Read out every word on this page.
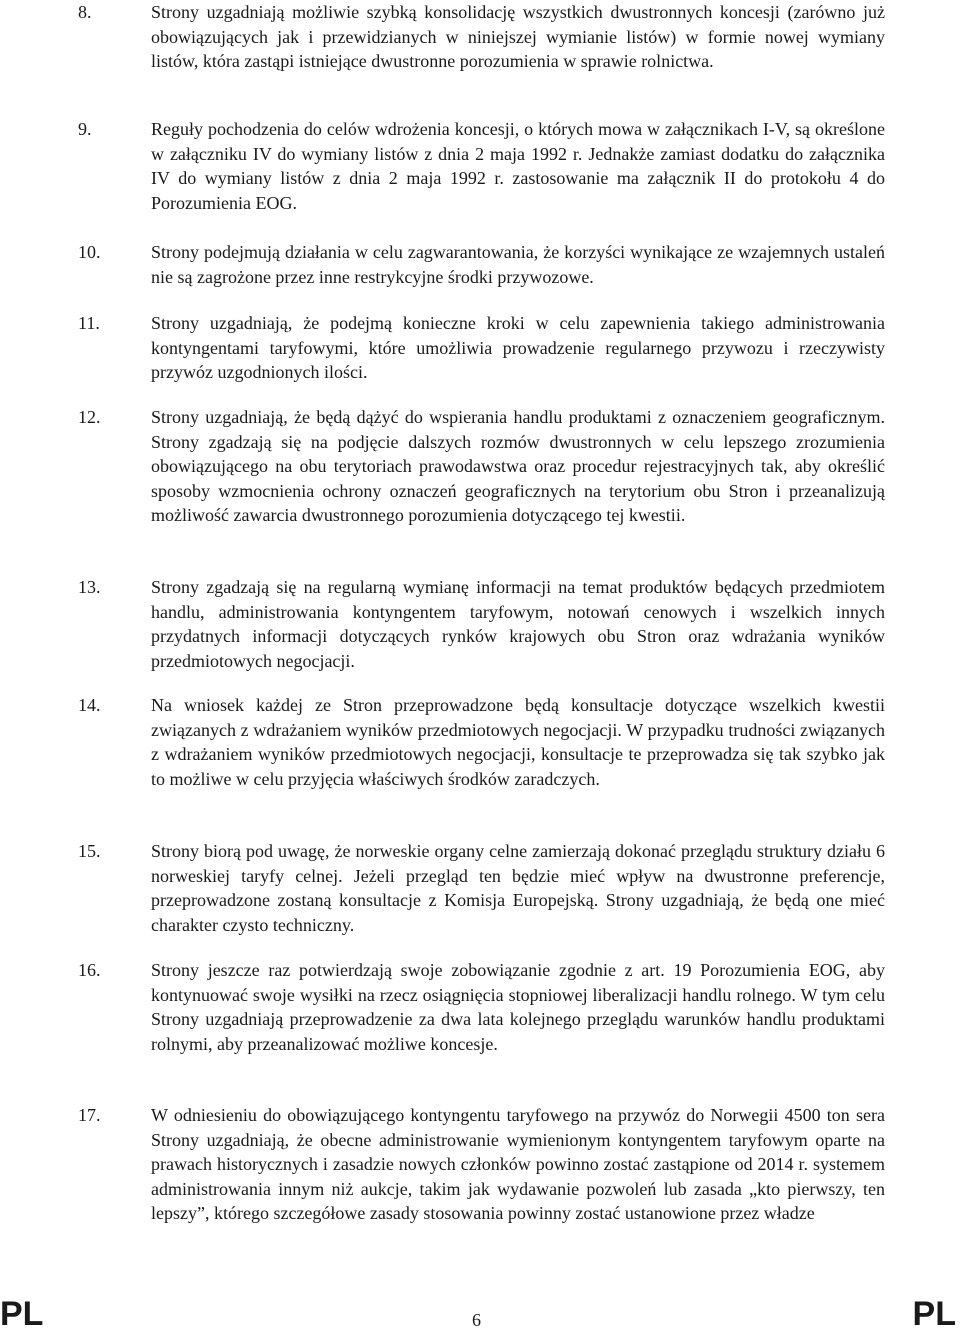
8.	Strony uzgadniają możliwie szybką konsolidację wszystkich dwustronnych koncesji (zarówno już obowiązujących jak i przewidzianych w niniejszej wymianie listów) w formie nowej wymiany listów, która zastąpi istniejące dwustronne porozumienia w sprawie rolnictwa.
9.	Reguły pochodzenia do celów wdrożenia koncesji, o których mowa w załącznikach I-V, są określone w załączniku IV do wymiany listów z dnia 2 maja 1992 r. Jednakże zamiast dodatku do załącznika IV do wymiany listów z dnia 2 maja 1992 r. zastosowanie ma załącznik II do protokołu 4 do Porozumienia EOG.
10.	Strony podejmują działania w celu zagwarantowania, że korzyści wynikające ze wzajemnych ustaleń nie są zagrożone przez inne restrykcyjne środki przywozowe.
11.	Strony uzgadniają, że podejmą konieczne kroki w celu zapewnienia takiego administrowania kontyngentami taryfowymi, które umożliwia prowadzenie regularnego przywozu i rzeczywisty przywóz uzgodnionych ilości.
12.	Strony uzgadniają, że będą dążyć do wspierania handlu produktami z oznaczeniem geograficznym. Strony zgadzają się na podjęcie dalszych rozmów dwustronnych w celu lepszego zrozumienia obowiązującego na obu terytoriach prawodawstwa oraz procedur rejestracyjnych tak, aby określić sposoby wzmocnienia ochrony oznaczeń geograficznych na terytorium obu Stron i przeanalizują możliwość zawarcia dwustronnego porozumienia dotyczącego tej kwestii.
13.	Strony zgadzają się na regularną wymianę informacji na temat produktów będących przedmiotem handlu, administrowania kontyngentem taryfowym, notowań cenowych i wszelkich innych przydatnych informacji dotyczących rynków krajowych obu Stron oraz wdrażania wyników przedmiotowych negocjacji.
14.	Na wniosek każdej ze Stron przeprowadzone będą konsultacje dotyczące wszelkich kwestii związanych z wdrażaniem wyników przedmiotowych negocjacji. W przypadku trudności związanych z wdrażaniem wyników przedmiotowych negocjacji, konsultacje te przeprowadza się tak szybko jak to możliwe w celu przyjęcia właściwych środków zaradczych.
15.	Strony biorą pod uwagę, że norweskie organy celne zamierzają dokonać przeglądu struktury działu 6 norweskiej taryfy celnej. Jeżeli przegląd ten będzie mieć wpływ na dwustronne preferencje, przeprowadzone zostaną konsultacje z Komisja Europejską. Strony uzgadniają, że będą one mieć charakter czysto techniczny.
16.	Strony jeszcze raz potwierdzają swoje zobowiązanie zgodnie z art. 19 Porozumienia EOG, aby kontynuować swoje wysiłki na rzecz osiągnięcia stopniowej liberalizacji handlu rolnego. W tym celu Strony uzgadniają przeprowadzenie za dwa lata kolejnego przeglądu warunków handlu produktami rolnymi, aby przeanalizować możliwe koncesje.
17.	W odniesieniu do obowiązującego kontyngentu taryfowego na przywóz do Norwegii 4500 ton sera Strony uzgadniają, że obecne administrowanie wymienionym kontyngentem taryfowym oparte na prawach historycznych i zasadzie nowych członków powinno zostać zastąpione od 2014 r. systemem administrowania innym niż aukcje, takim jak wydawanie pozwoleń lub zasada „kto pierwszy, ten lepszy”, którego szczegółowe zasady stosowania powinny zostać ustanowione przez władze
PL	6	PL
